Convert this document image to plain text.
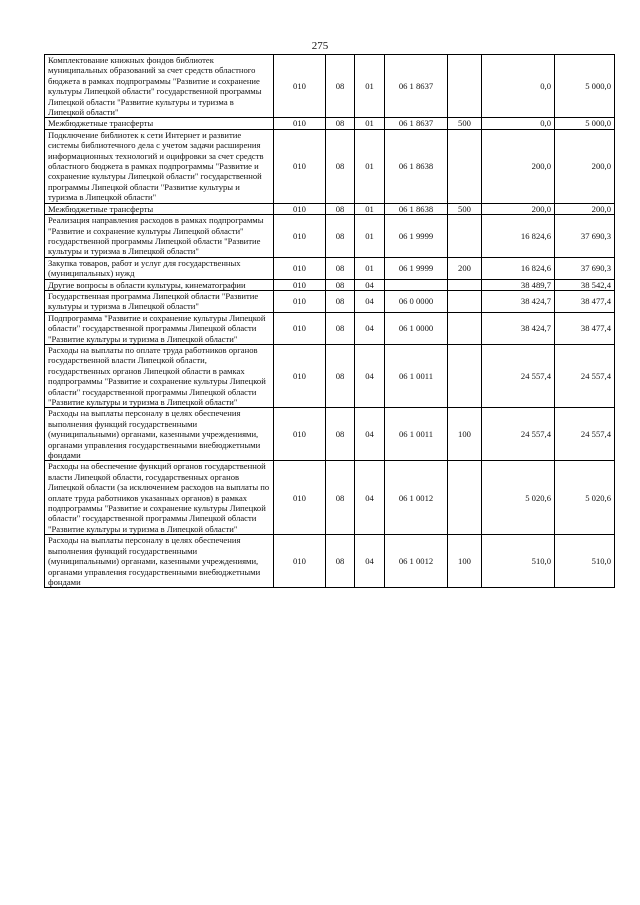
275
Комплектование книжных фондов библиотек муниципальных образований за счет средств областного бюджета в рамках подпрограммы "Развитие и сохранение культуры Липецкой области" государственной программы Липецкой области "Развитие культуры и туризма в Липецкой области"	010	08	01	06 1 8637		0,0	5 000,0
Межбюджетные трансферты	010	08	01	06 1 8637	500	0,0	5 000,0
Подключение библиотек к сети Интернет и развитие системы библиотечного дела с учетом задачи расширения информационных технологий и оцифровки за счет средств областного бюджета в рамках подпрограммы "Развитие и сохранение культуры Липецкой области" государственной программы Липецкой области "Развитие культуры и туризма в Липецкой области"	010	08	01	06 1 8638		200,0	200,0
Межбюджетные трансферты	010	08	01	06 1 8638	500	200,0	200,0
Реализация направления расходов в рамках подпрограммы "Развитие и сохранение культуры Липецкой области" государственной программы Липецкой области "Развитие культуры и туризма в Липецкой области"	010	08	01	06 1 9999		16 824,6	37 690,3
Закупка товаров, работ и услуг для государственных (муниципальных) нужд	010	08	01	06 1 9999	200	16 824,6	37 690,3
Другие вопросы в области культуры, кинематографии	010	08	04			38 489,7	38 542,4
Государственная программа Липецкой области "Развитие культуры и туризма в Липецкой области"	010	08	04	06 0 0000		38 424,7	38 477,4
Подпрограмма "Развитие и сохранение культуры Липецкой области" государственной программы Липецкой области "Развитие культуры и туризма в Липецкой области"	010	08	04	06 1 0000		38 424,7	38 477,4
Расходы на выплаты по оплате труда работников органов государственной власти Липецкой области, государственных органов Липецкой области в рамках подпрограммы "Развитие и сохранение культуры Липецкой области" государственной программы Липецкой области "Развитие культуры и туризма в Липецкой области"	010	08	04	06 1 0011		24 557,4	24 557,4
Расходы на выплаты персоналу в целях обеспечения выполнения функций государственными (муниципальными) органами, казенными учреждениями, органами управления государственными внебюджетными фондами	010	08	04	06 1 0011	100	24 557,4	24 557,4
Расходы на обеспечение функций органов государственной власти Липецкой области, государственных органов Липецкой области (за исключением расходов на выплаты по оплате труда работников указанных органов) в рамках подпрограммы "Развитие и сохранение культуры Липецкой области" государственной программы Липецкой области "Развитие культуры и туризма в Липецкой области"	010	08	04	06 1 0012		5 020,6	5 020,6
Расходы на выплаты персоналу в целях обеспечения выполнения функций государственными (муниципальными) органами, казенными учреждениями, органами управления государственными внебюджетными фондами	010	08	04	06 1 0012	100	510,0	510,0
